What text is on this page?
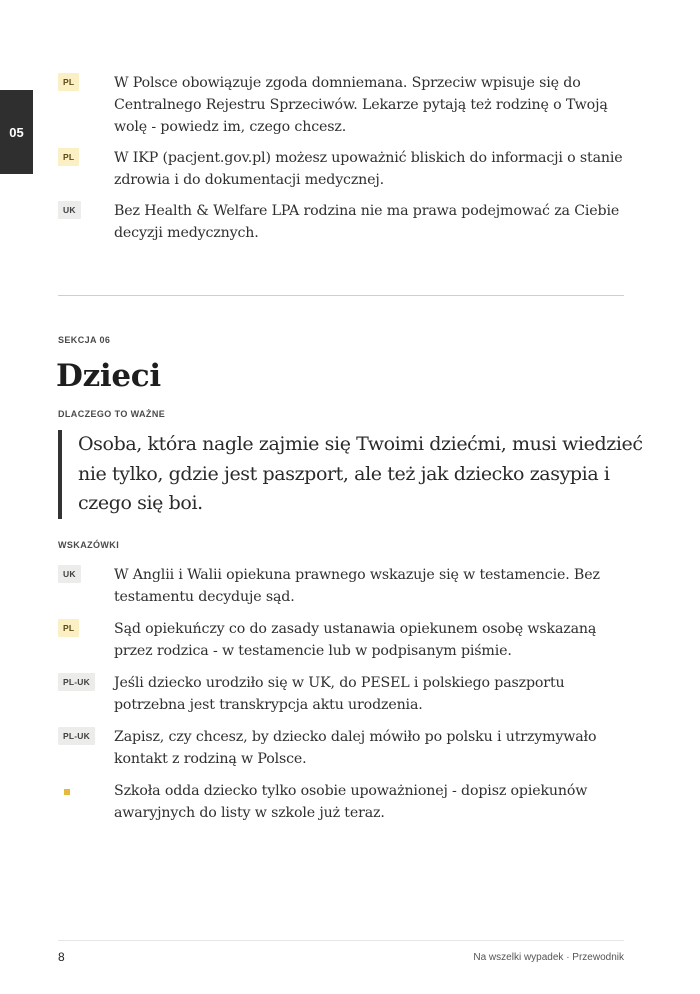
05
PL	W Polsce obowiązuje zgoda domniemana. Sprzeciw wpisuje się do Centralnego Rejestru Sprzeciwów. Lekarze pytają też rodzinę o Twoją wolę - powiedz im, czego chcesz.
PL	W IKP (pacjent.gov.pl) możesz upoważnić bliskich do informacji o stanie zdrowia i do dokumentacji medycznej.
UK	Bez Health & Welfare LPA rodzina nie ma prawa podejmować za Ciebie decyzji medycznych.
SEKCJA 06
Dzieci
DLACZEGO TO WAŻNE
Osoba, która nagle zajmie się Twoimi dziećmi, musi wiedzieć nie tylko, gdzie jest paszport, ale też jak dziecko zasypia i czego się boi.
WSKAZÓWKI
UK	W Anglii i Walii opiekuna prawnego wskazuje się w testamencie. Bez testamentu decyduje sąd.
PL	Sąd opiekuńczy co do zasady ustanawia opiekunem osobę wskazaną przez rodzica - w testamencie lub w podpisanym piśmie.
PL-UK	Jeśli dziecko urodziło się w UK, do PESEL i polskiego paszportu potrzebna jest transkrypcja aktu urodzenia.
PL-UK	Zapisz, czy chcesz, by dziecko dalej mówiło po polsku i utrzymywało kontakt z rodziną w Polsce.
Szkoła odda dziecko tylko osobie upoważnionej - dopisz opiekunów awaryjnych do listy w szkole już teraz.
8	Na wszelki wypadek · Przewodnik
